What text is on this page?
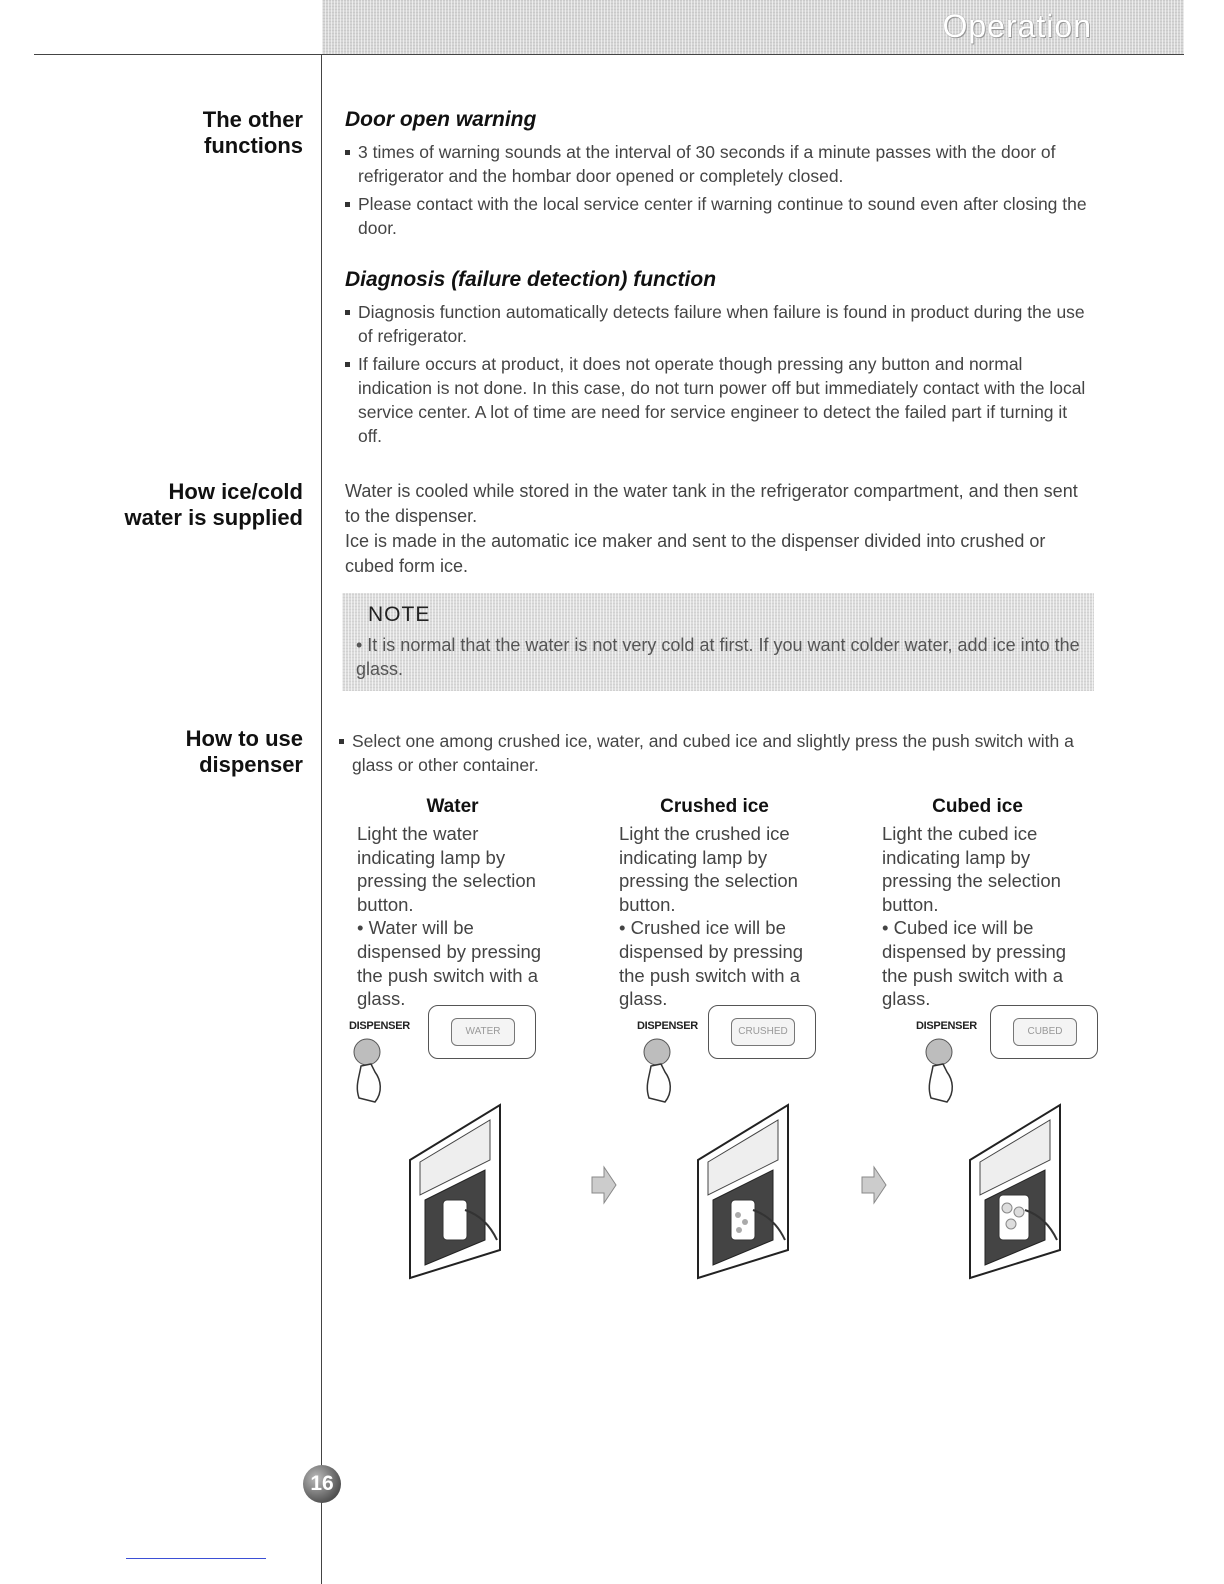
Operation
The other
functions
Door open warning
3 times of warning sounds at the interval of 30 seconds if a minute passes with the door of refrigerator and the hombar door opened or completely closed.
Please contact with the local service center if warning continue to sound even after closing the door.
Diagnosis (failure detection) function
Diagnosis function automatically detects failure when failure is found in product during the use of refrigerator.
If failure occurs at product, it does not operate though pressing any button and normal indication is not done. In this case, do not turn power off but immediately contact with the local service center. A lot of time are need for service engineer to detect the failed part if turning it off.
How ice/cold
water is supplied

Water is cooled while stored in the water tank in the refrigerator compartment, and then sent to the dispenser.

Ice is made in the automatic ice maker and sent to the dispenser divided into crushed or cubed form ice.

NOTE
• It is normal that the water is not very cold at first. If you want colder water, add ice into the glass.
How to use
dispenser
Select one among crushed ice, water, and cubed ice and slightly press the push switch with a glass or other container.
Water
Light the water indicating lamp by pressing the selection button.
• Water will be dispensed by pressing the push switch with a glass.
Crushed ice
Light the crushed ice indicating lamp by pressing the selection button.
• Crushed ice will be dispensed by pressing the push switch with a glass.
Cubed ice
Light the cubed ice indicating lamp by pressing the selection button.
• Cubed ice will be dispensed by pressing the push switch with a glass.
DISPENSER	WATER	DISPENSER	CRUSHED	DISPENSER	CUBED
16
